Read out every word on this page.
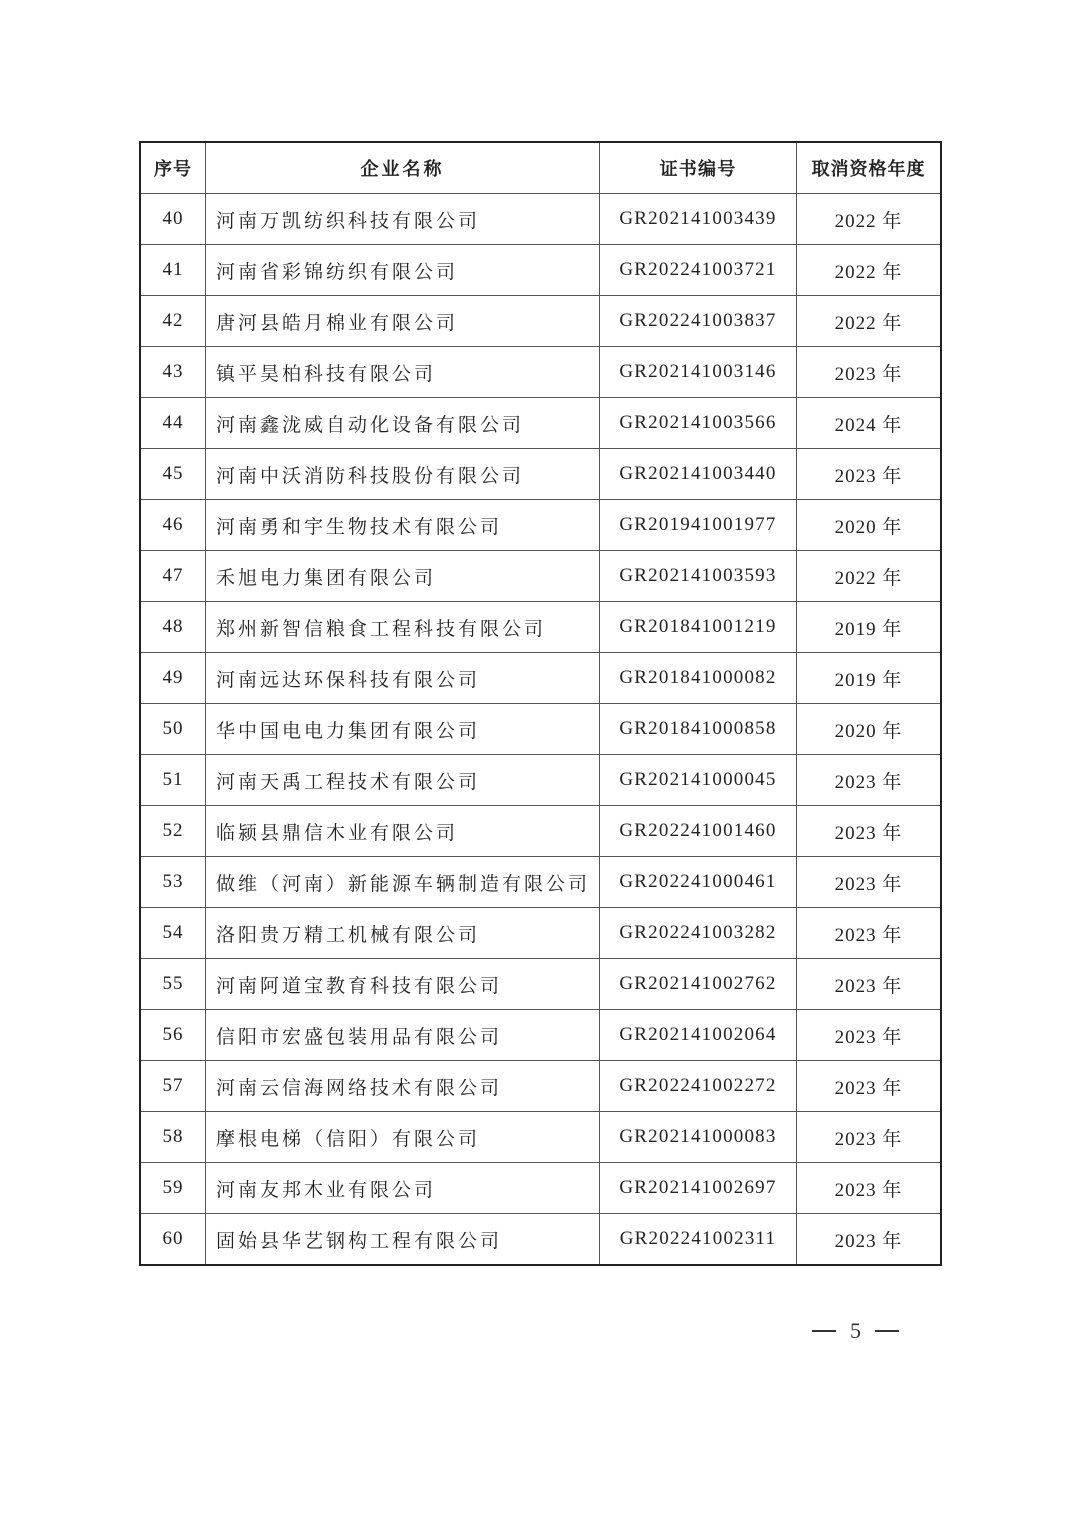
序号	企业名称	证书编号	取消资格年度
40	河南万凯纺织科技有限公司	GR202141003439	2022 年
41	河南省彩锦纺织有限公司	GR202241003721	2022 年
42	唐河县皓月棉业有限公司	GR202241003837	2022 年
43	镇平昊柏科技有限公司	GR202141003146	2023 年
44	河南鑫泷威自动化设备有限公司	GR202141003566	2024 年
45	河南中沃消防科技股份有限公司	GR202141003440	2023 年
46	河南勇和宇生物技术有限公司	GR201941001977	2020 年
47	禾旭电力集团有限公司	GR202141003593	2022 年
48	郑州新智信粮食工程科技有限公司	GR201841001219	2019 年
49	河南远达环保科技有限公司	GR201841000082	2019 年
50	华中国电电力集团有限公司	GR201841000858	2020 年
51	河南天禹工程技术有限公司	GR202141000045	2023 年
52	临颍县鼎信木业有限公司	GR202241001460	2023 年
53	做维（河南）新能源车辆制造有限公司	GR202241000461	2023 年
54	洛阳贵万精工机械有限公司	GR202241003282	2023 年
55	河南阿道宝教育科技有限公司	GR202141002762	2023 年
56	信阳市宏盛包装用品有限公司	GR202141002064	2023 年
57	河南云信海网络技术有限公司	GR202241002272	2023 年
58	摩根电梯（信阳）有限公司	GR202141000083	2023 年
59	河南友邦木业有限公司	GR202141002697	2023 年
60	固始县华艺钢构工程有限公司	GR202241002311	2023 年
5
